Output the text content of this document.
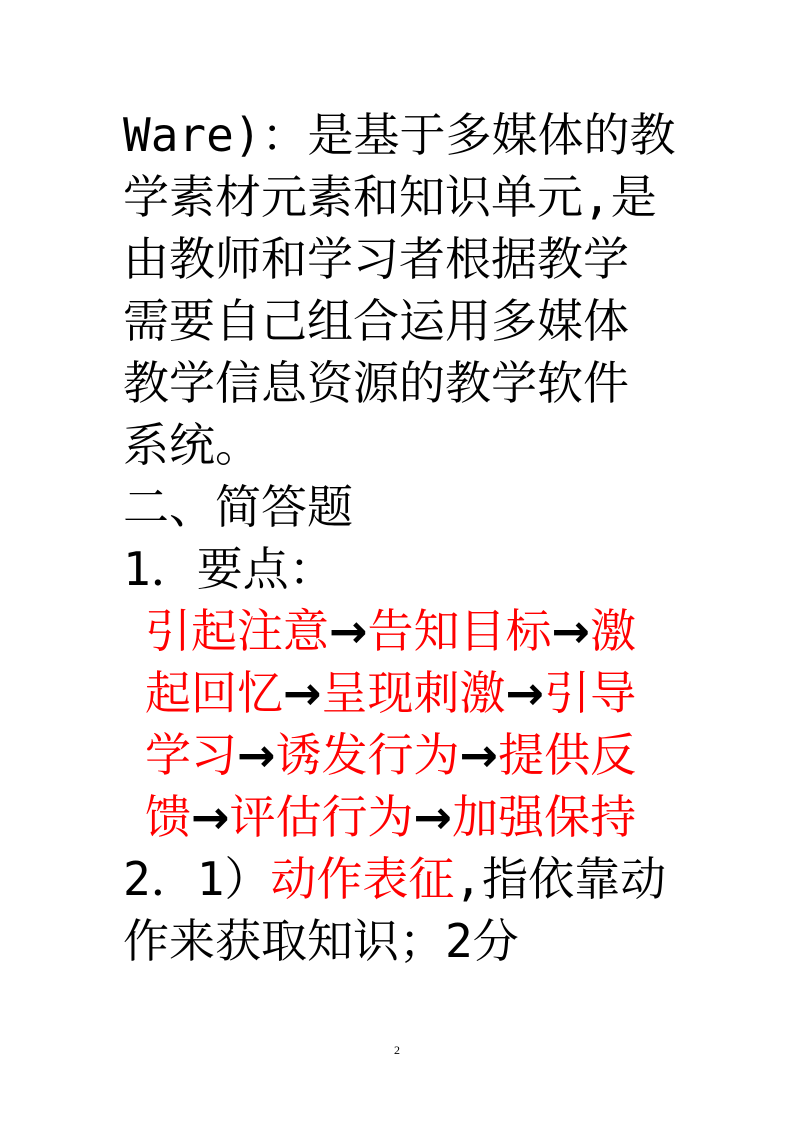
Ware)：是基于多媒体的教
学素材元素和知识单元,是
由教师和学习者根据教学
需要自己组合运用多媒体
教学信息资源的教学软件
系统。
二、简答题
1．要点：
引起注意→告知目标→激
起回忆→呈现刺激→引导
学习→诱发行为→提供反
馈→评估行为→加强保持
2．1）动作表征,指依靠动
作来获取知识；2分
2
